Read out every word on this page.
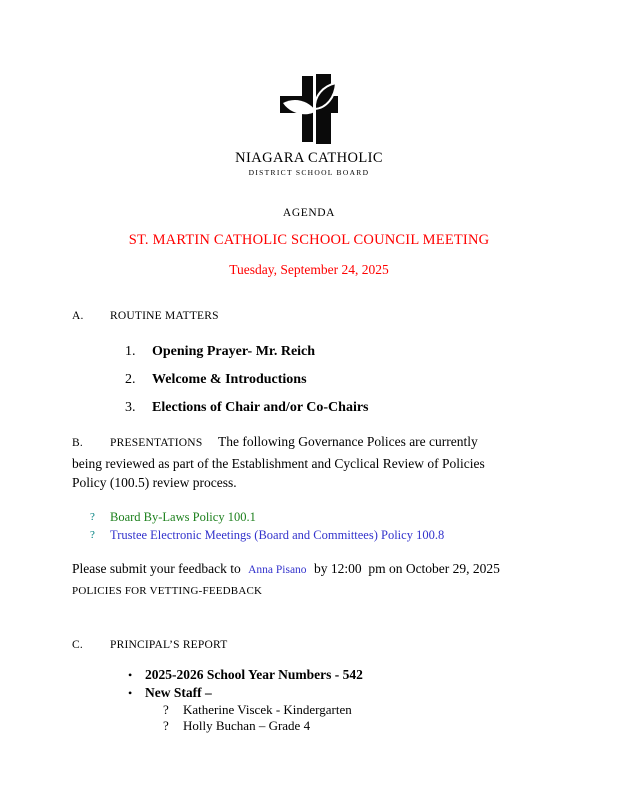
NIAGARA CATHOLIC
DISTRICT SCHOOL BOARD
AGENDA
ST. MARTIN CATHOLIC SCHOOL COUNCIL MEETING
Tuesday, September 24, 2025
A. ROUTINE MATTERS
1.	Opening Prayer- Mr. Reich
2.	Welcome & Introductions
3.	Elections of Chair and/or Co-Chairs
B. PRESENTATIONS The following Governance Polices are currently
being reviewed as part of the Establishment and Cyclical Review of Policies
Policy (100.5) review process.
?	Board By-Laws Policy 100.1
?	Trustee Electronic Meetings (Board and Committees) Policy 100.8
Please submit your feedback to Anna Pisano by 12:00  pm on October 29, 2025
POLICIES FOR VETTING-FEEDBACK
C. PRINCIPAL’S REPORT
• 2025-2026 School Year Numbers - 542
• New Staff –
?	Katherine Viscek - Kindergarten
?	Holly Buchan – Grade 4
